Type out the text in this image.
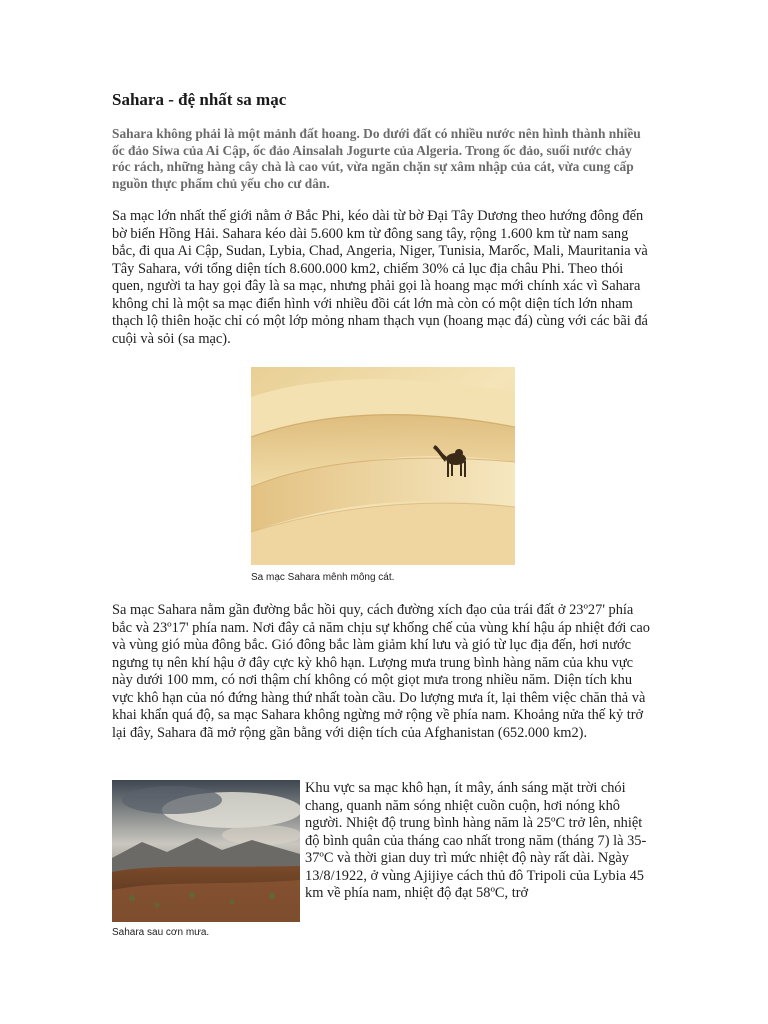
Sahara - đệ nhất sa mạc

Sahara không phải là một mảnh đất hoang. Do dưới đất có nhiều nước nên hình thành nhiều ốc đảo Siwa của Ai Cập, ốc đảo Ainsalah Jogurte của Algeria. Trong ốc đảo, suối nước chảy róc rách, những hàng cây chà là cao vút, vừa ngăn chặn sự xâm nhập của cát, vừa cung cấp nguồn thực phẩm chủ yếu cho cư dân.

Sa mạc lớn nhất thế giới nằm ở Bắc Phi, kéo dài từ bờ Đại Tây Dương theo hướng đông đến bờ biển Hồng Hải. Sahara kéo dài 5.600 km từ đông sang tây, rộng 1.600 km từ nam sang bắc, đi qua Ai Cập, Sudan, Lybia, Chad, Angeria, Niger, Tunisia, Marốc, Mali, Mauritania và Tây Sahara, với tổng diện tích 8.600.000 km2, chiếm 30% cả lục địa châu Phi. Theo thói quen, người ta hay gọi đây là sa mạc, nhưng phải gọi là hoang mạc mới chính xác vì Sahara không chỉ là một sa mạc điển hình với nhiều đồi cát lớn mà còn có một diện tích lớn nham thạch lộ thiên hoặc chỉ có một lớp mỏng nham thạch vụn (hoang mạc đá) cùng với các bãi đá cuội và sỏi (sa mạc).

Sa mạc Sahara mênh mông cát.

Sa mạc Sahara nằm gần đường bắc hồi quy, cách đường xích đạo của trái đất ở 23º27' phía bắc và 23º17' phía nam. Nơi đây cả năm chịu sự khống chế của vùng khí hậu áp nhiệt đới cao và vùng gió mùa đông bắc. Gió đông bắc làm giảm khí lưu và gió từ lục địa đến, hơi nước ngưng tụ nên khí hậu ở đây cực kỳ khô hạn. Lượng mưa trung bình hàng năm của khu vực này dưới 100 mm, có nơi thậm chí không có một giọt mưa trong nhiều năm. Diện tích khu vực khô hạn của nó đứng hàng thứ nhất toàn cầu. Do lượng mưa ít, lại thêm việc chăn thả và khai khẩn quá độ, sa mạc Sahara không ngừng mở rộng về phía nam. Khoảng nửa thế kỷ trở lại đây, Sahara đã mở rộng gần bằng với diện tích của Afghanistan (652.000 km2).

Sahara sau cơn mưa.

Khu vực sa mạc khô hạn, ít mây, ánh sáng mặt trời chói chang, quanh năm sóng nhiệt cuồn cuộn, hơi nóng khô người. Nhiệt độ trung bình hàng năm là 25ºC trở lên, nhiệt độ bình quân của tháng cao nhất trong năm (tháng 7) là 35-37ºC và thời gian duy trì mức nhiệt độ này rất dài. Ngày 13/8/1922, ở vùng Ajijiye cách thủ đô Tripoli của Lybia 45 km về phía nam, nhiệt độ đạt 58ºC, trở
